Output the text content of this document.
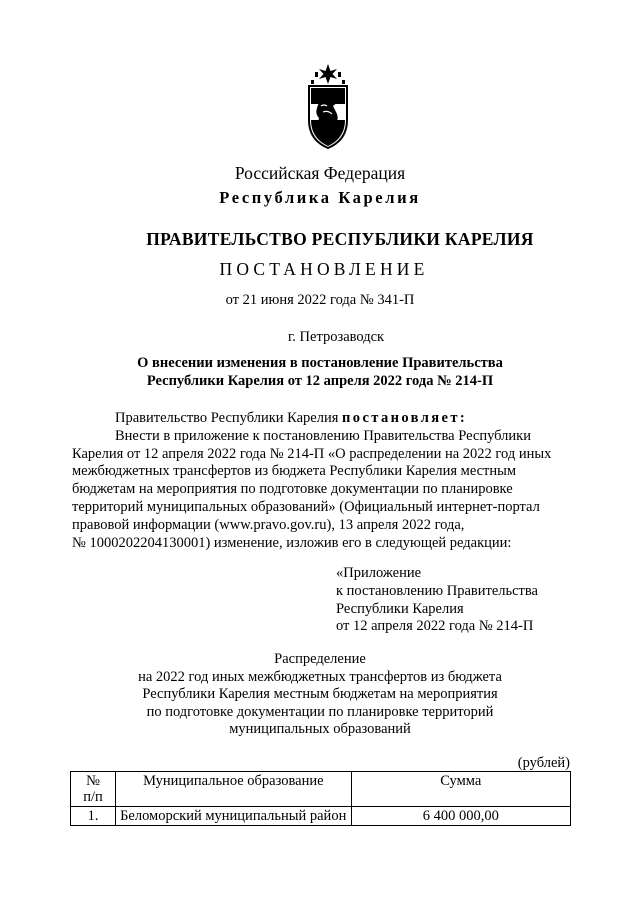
Российская Федерация
Республика Карелия
ПРАВИТЕЛЬСТВО РЕСПУБЛИКИ КАРЕЛИЯ
ПОСТАНОВЛЕНИЕ
от 21 июня 2022 года № 341-П
г. Петрозаводск
О внесении изменения в постановление Правительства
Республики Карелия от 12 апреля 2022 года № 214-П

Правительство Республики Карелия постановляет:

Внести в приложение к постановлению Правительства Республики

Карелия от 12 апреля 2022 года № 214-П «О распределении на 2022 год иных

межбюджетных трансфертов из бюджета Республики Карелия местным

бюджетам на мероприятия по подготовке документации по планировке

территорий муниципальных образований» (Официальный интернет-портал

правовой информации (www.pravo.gov.ru), 13 апреля 2022 года,

№ 1000202204130001) изменение, изложив его в следующей редакции:

«Приложение
к постановлению Правительства
Республики Карелия
от 12 апреля 2022 года № 214-П
Распределение
на 2022 год иных межбюджетных трансфертов из бюджета
Республики Карелия местным бюджетам на мероприятия
по подготовке документации по планировке территорий
муниципальных образований
(рублей)
№
п/п	Муниципальное образование	Сумма
1.	Беломорский муниципальный район	6 400 000,00
